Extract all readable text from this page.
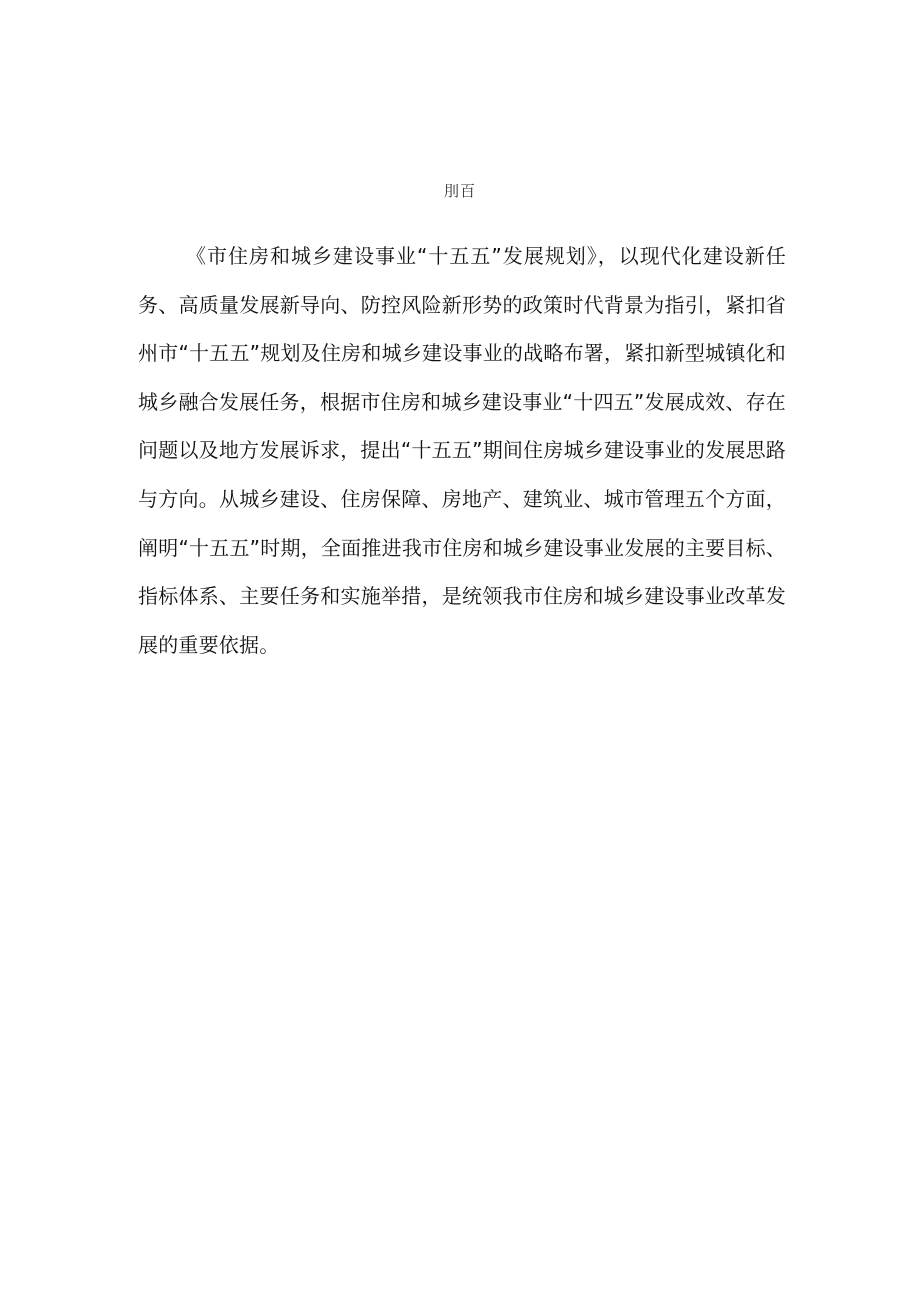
刖百

《市住房和城乡建设事业“十五五”发展规划》，以现代化建设新任务、高质量发展新导向、防控风险新形势的政策时代背景为指引，紧扣省州市“十五五”规划及住房和城乡建设事业的战略布署，紧扣新型城镇化和城乡融合发展任务，根据市住房和城乡建设事业“十四五”发展成效、存在问题以及地方发展诉求，提出“十五五”期间住房城乡建设事业的发展思路与方向。从城乡建设、住房保障、房地产、建筑业、城市管理五个方面，阐明“十五五”时期，全面推进我市住房和城乡建设事业发展的主要目标、指标体系、主要任务和实施举措，是统领我市住房和城乡建设事业改革发展的重要依据。
